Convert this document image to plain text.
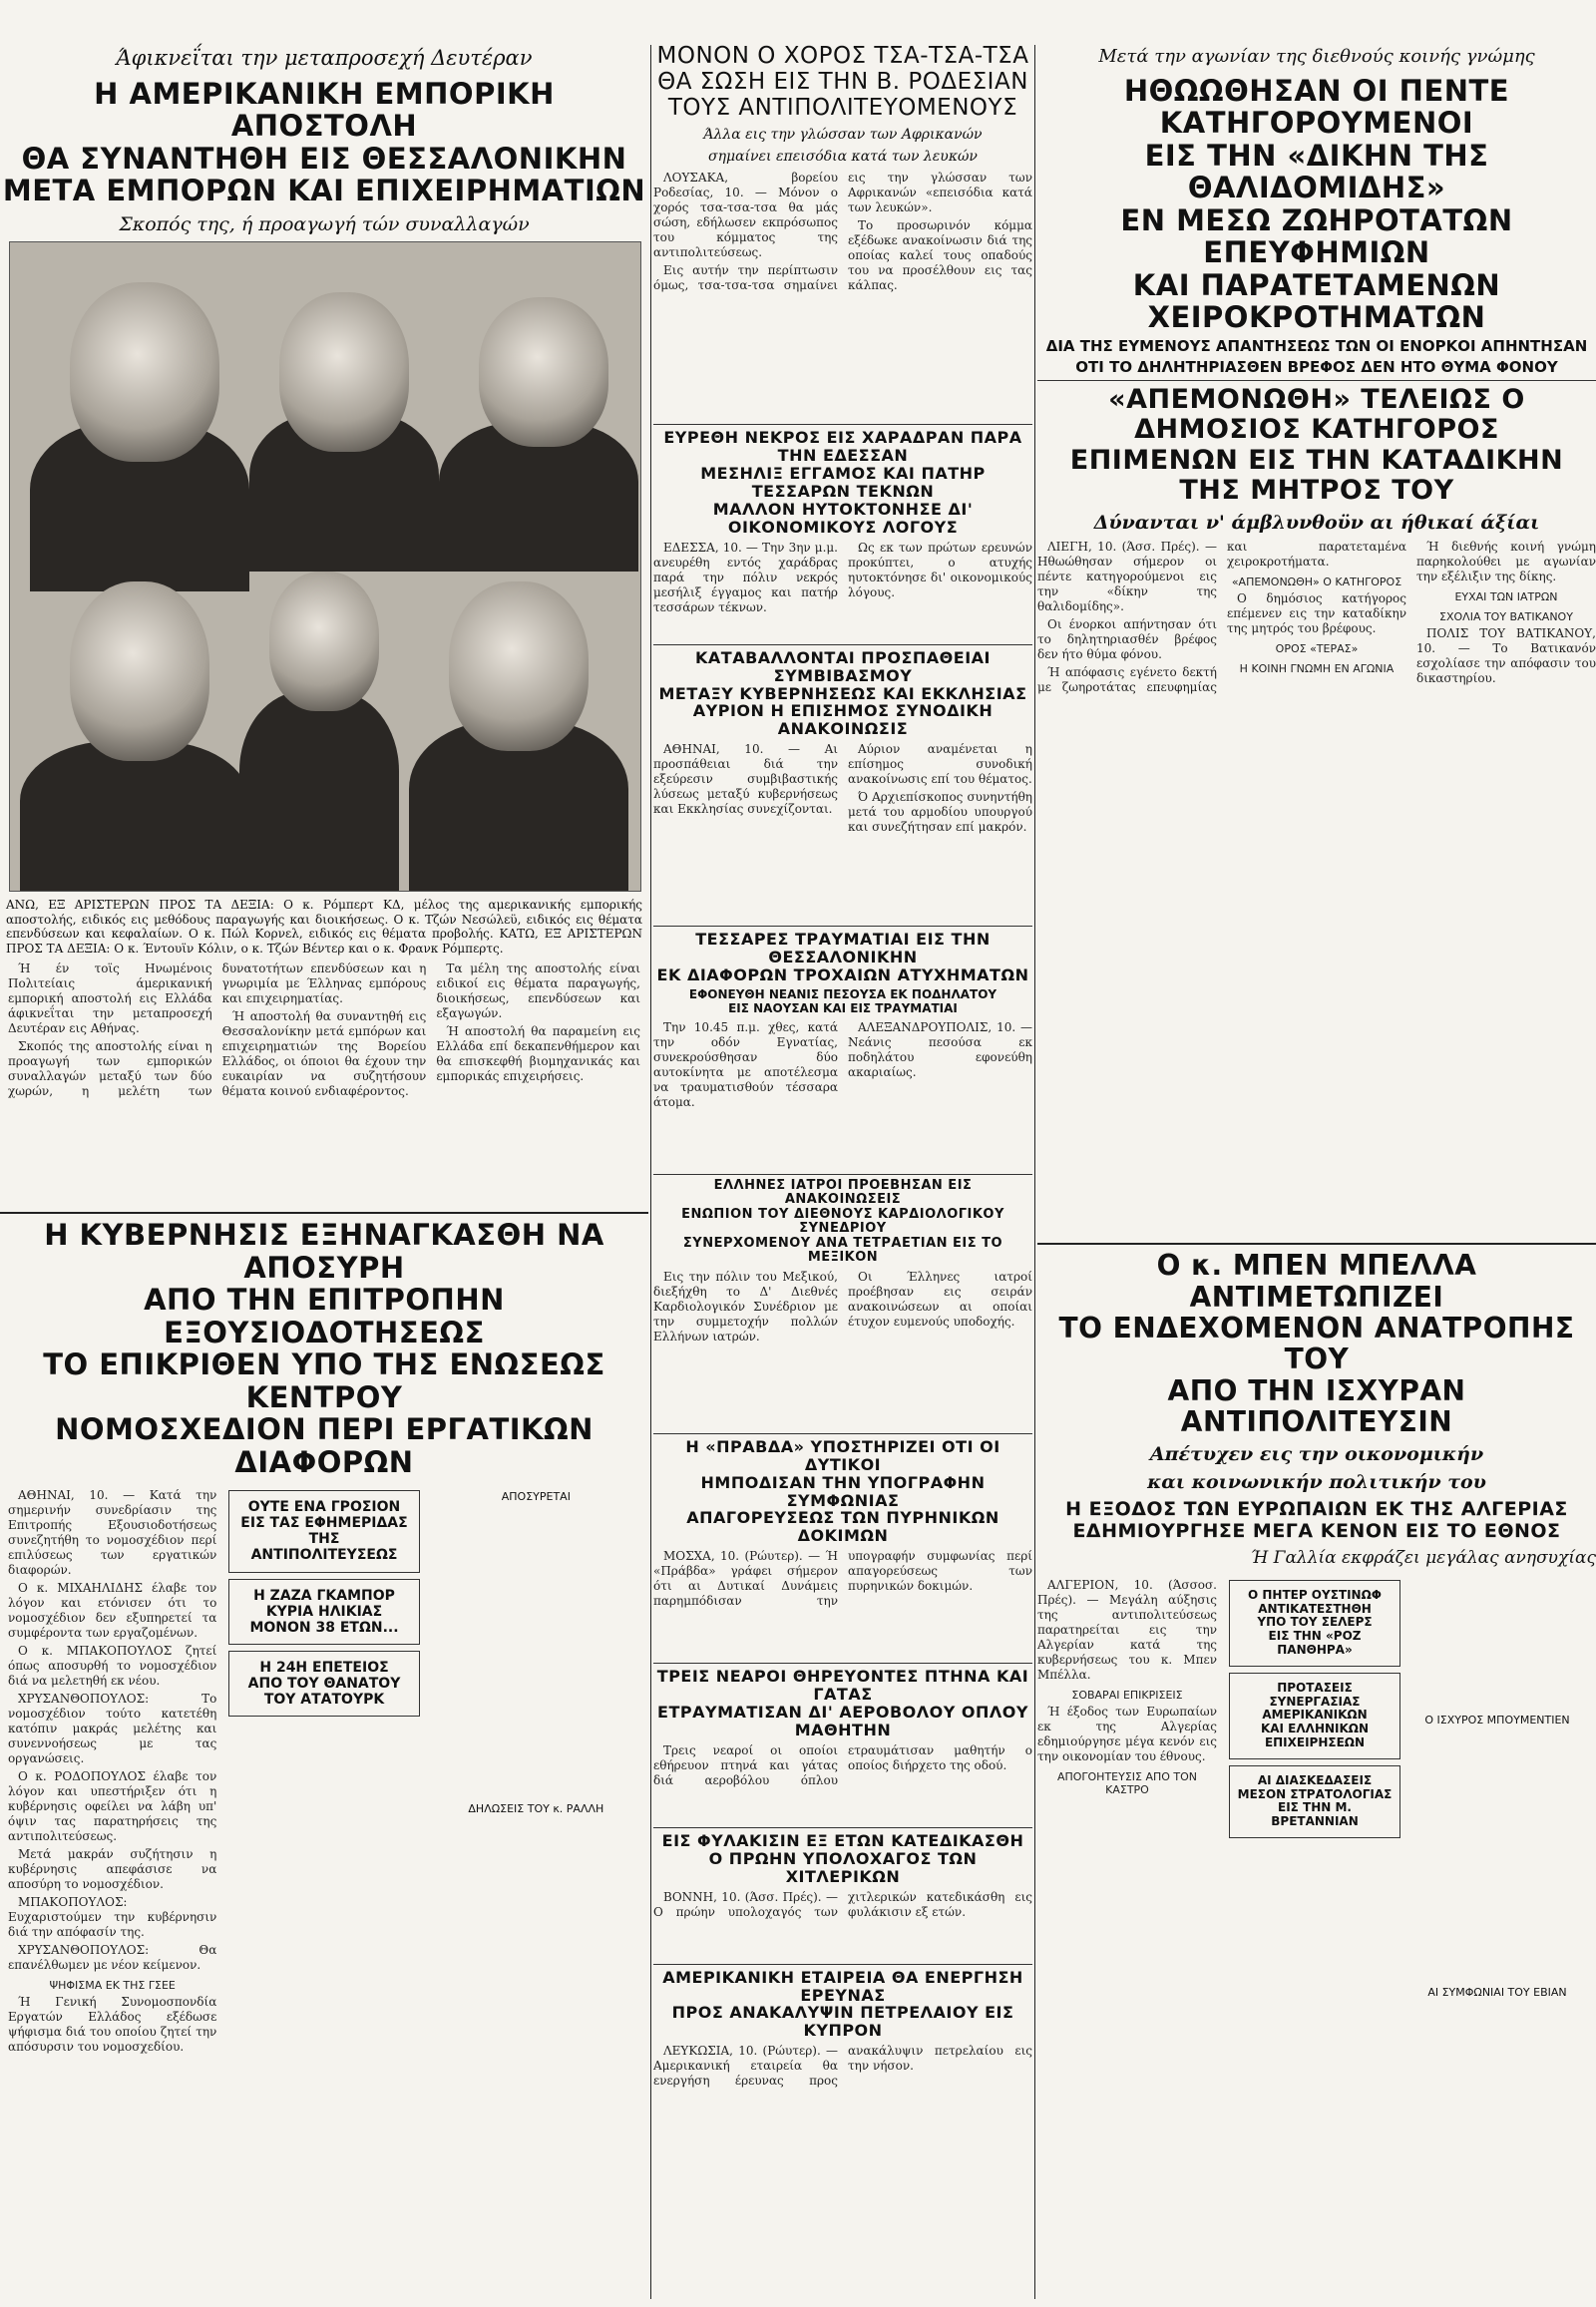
Άφικνεΐται την μεταπροσεχή Δευτέραν
Η ΑΜΕΡΙΚΑΝΙΚΗ ΕΜΠΟΡΙΚΗ ΑΠΟΣΤΟΛΗ
ΘΑ ΣΥΝΑΝΤΗΘΗ ΕΙΣ ΘΕΣΣΑΛΟΝΙΚΗΝ
ΜΕΤΑ ΕΜΠΟΡΩΝ ΚΑΙ ΕΠΙΧΕΙΡΗΜΑΤΙΩΝ
Σκοπός της, ή προαγωγή τών συναλλαγών
ΑΝΩ, ΕΞ ΑΡΙΣΤΕΡΩΝ ΠΡΟΣ ΤΑ ΔΕΞΙΑ: Ο κ. Ρόμπερτ ΚΔ, μέλος της αμερικανικής εμπορικής αποστολής, ειδικός εις μεθόδους παραγωγής και διοικήσεως. Ο κ. Τζών Νεσώλεϋ, ειδικός εις θέματα επενδύσεων και κεφαλαίων. Ο κ. Πώλ Κορνελ, ειδικός εις θέματα προβολής. ΚΑΤΩ, ΕΞ ΑΡΙΣΤΕΡΩΝ ΠΡΟΣ ΤΑ ΔΕΞΙΑ: Ο κ. Έντουϊν Κόλιν, ο κ. Τζών Βέντερ και ο κ. Φρανκ Ρόμπερτς.

Ή έν τοϊς Ηνωμένοις Πολιτείαις άμερικανική εμπορική αποστολή εις Ελλάδα άφικνεΐται την μεταπροσεχή Δευτέραν εις Αθήνας.

Σκοπός της αποστολής είναι η προαγωγή των εμπορικών συναλλαγών μεταξύ των δύο χωρών, η μελέτη των δυνατοτήτων επενδύσεων και η γνωριμία με Έλληνας εμπόρους και επιχειρηματίας.

Ή αποστολή θα συναντηθή εις Θεσσαλονίκην μετά εμπόρων και επιχειρηματιών της Βορείου Ελλάδος, οι όποιοι θα έχουν την ευκαιρίαν να συζητήσουν θέματα κοινού ενδιαφέροντος.

Τα μέλη της αποστολής είναι ειδικοί εις θέματα παραγωγής, διοικήσεως, επενδύσεων και εξαγωγών.

Ή αποστολή θα παραμείνη εις Ελλάδα επί δεκαπενθήμερον και θα επισκεφθή βιομηχανικάς και εμπορικάς επιχειρήσεις.

Η ΚΥΒΕΡΝΗΣΙΣ ΕΞΗΝΑΓΚΑΣΘΗ ΝΑ ΑΠΟΣΥΡΗ
ΑΠΟ ΤΗΝ ΕΠΙΤΡΟΠΗΝ ΕΞΟΥΣΙΟΔΟΤΗΣΕΩΣ
ΤΟ ΕΠΙΚΡΙΘΕΝ ΥΠΟ ΤΗΣ ΕΝΩΣΕΩΣ ΚΕΝΤΡΟΥ
ΝΟΜΟΣΧΕΔΙΟΝ ΠΕΡΙ ΕΡΓΑΤΙΚΩΝ ΔΙΑΦΟΡΩΝ

ΑΘΗΝΑΙ, 10. — Κατά την σημερινήν συνεδρίασιν της Επιτροπής Εξουσιοδοτήσεως συνεζητήθη το νομοσχέδιον περί επιλύσεως των εργατικών διαφορών.

Ο κ. ΜΙΧΑΗΛΙΔΗΣ έλαβε τον λόγον και ετόνισεν ότι το νομοσχέδιον δεν εξυπηρετεί τα συμφέροντα των εργαζομένων.

Ο κ. ΜΠΑΚΟΠΟΥΛΟΣ ζητεί όπως αποσυρθή το νομοσχέδιον διά να μελετηθή εκ νέου.

ΧΡΥΣΑΝΘΟΠΟΥΛΟΣ: Το νομοσχέδιον τούτο κατετέθη κατόπιν μακράς μελέτης και συνεννοήσεως με τας οργανώσεις.

Ο κ. ΡΟΔΟΠΟΥΛΟΣ έλαβε τον λόγον και υπεστήριξεν ότι η κυβέρνησις οφείλει να λάβη υπ' όψιν τας παρατηρήσεις της αντιπολιτεύσεως.

Μετά μακράν συζήτησιν η κυβέρνησις απεφάσισε να αποσύρη το νομοσχέδιον.

ΜΠΑΚΟΠΟΥΛΟΣ: Ευχαριστούμεν την κυβέρνησιν διά την απόφασίν της.

ΧΡΥΣΑΝΘΟΠΟΥΛΟΣ: Θα επανέλθωμεν με νέον κείμενον.

ΨΗΦΙΣΜΑ ΕΚ ΤΗΣ ΓΣΕΕ

Ή Γενική Συνομοσπονδία Εργατών Ελλάδος εξέδωσε ψήφισμα διά του οποίου ζητεί την απόσυρσιν του νομοσχεδίου.

ΟΥΤΕ ΕΝΑ ΓΡΟΣΙΟΝ
ΕΙΣ ΤΑΣ ΕΦΗΜΕΡΙΔΑΣ
ΤΗΣ ΑΝΤΙΠΟΛΙΤΕΥΣΕΩΣ
Η ΖΑΖΑ ΓΚΑΜΠΟΡ
ΚΥΡΙΑ ΗΛΙΚΙΑΣ
ΜΟΝΟΝ 38 ΕΤΩΝ...
Η 24Η ΕΠΕΤΕΙΟΣ
ΑΠΟ ΤΟΥ ΘΑΝΑΤΟΥ
ΤΟΥ ΑΤΑΤΟΥΡΚ
ΑΠΟΣΥΡΕΤΑΙ
ΔΗΛΩΣΕΙΣ ΤΟΥ κ. ΡΑΛΛΗ
ΜΟΝΟΝ Ο ΧΟΡΟΣ ΤΣΑ-ΤΣΑ-ΤΣΑ
ΘΑ ΣΩΣΗ ΕΙΣ ΤΗΝ Β. ΡΟΔΕΣΙΑΝ
ΤΟΥΣ ΑΝΤΙΠΟΛΙΤΕΥΟΜΕΝΟΥΣ
Άλλα εις την γλώσσαν των Αφρικανών
σημαίνει επεισόδια κατά των λευκών

ΛΟΥΣΑΚΑ, βορείου Ροδεσίας, 10. — Μόνον ο χορός τσα-τσα-τσα θα μάς σώση, εδήλωσεν εκπρόσωπος του κόμματος της αντιπολιτεύσεως.

Εις αυτήν την περίπτωσιν όμως, τσα-τσα-τσα σημαίνει εις την γλώσσαν των Αφρικανών «επεισόδια κατά των λευκών».

Το προσωρινόν κόμμα εξέδωκε ανακοίνωσιν διά της οποίας καλεί τους οπαδούς του να προσέλθουν εις τας κάλπας.

ΕΥΡΕΘΗ ΝΕΚΡΟΣ ΕΙΣ ΧΑΡΑΔΡΑΝ ΠΑΡΑ ΤΗΝ ΕΔΕΣΣΑΝ
ΜΕΣΗΛΙΞ ΕΓΓΑΜΟΣ ΚΑΙ ΠΑΤΗΡ ΤΕΣΣΑΡΩΝ ΤΕΚΝΩΝ
ΜΑΛΛΟΝ ΗΥΤΟΚΤΟΝΗΣΕ ΔΙ' ΟΙΚΟΝΟΜΙΚΟΥΣ ΛΟΓΟΥΣ

ΕΔΕΣΣΑ, 10. — Την 3ην μ.μ. ανευρέθη εντός χαράδρας παρά την πόλιν νεκρός μεσήλιξ έγγαμος και πατήρ τεσσάρων τέκνων.

Ως εκ των πρώτων ερευνών προκύπτει, ο ατυχής ηυτοκτόνησε δι' οικονομικούς λόγους.

ΚΑΤΑΒΑΛΛΟΝΤΑΙ ΠΡΟΣΠΑΘΕΙΑΙ ΣΥΜΒΙΒΑΣΜΟΥ
ΜΕΤΑΞΥ ΚΥΒΕΡΝΗΣΕΩΣ ΚΑΙ ΕΚΚΛΗΣΙΑΣ
ΑΥΡΙΟΝ Η ΕΠΙΣΗΜΟΣ ΣΥΝΟΔΙΚΗ ΑΝΑΚΟΙΝΩΣΙΣ

ΑΘΗΝΑΙ, 10. — Αι προσπάθειαι διά την εξεύρεσιν συμβιβαστικής λύσεως μεταξύ κυβερνήσεως και Εκκλησίας συνεχίζονται.

Αύριον αναμένεται η επίσημος συνοδική ανακοίνωσις επί του θέματος.

Ό Αρχιεπίσκοπος συνηντήθη μετά του αρμοδίου υπουργού και συνεζήτησαν επί μακρόν.

ΤΕΣΣΑΡΕΣ ΤΡΑΥΜΑΤΙΑΙ ΕΙΣ ΤΗΝ ΘΕΣΣΑΛΟΝΙΚΗΝ
ΕΚ ΔΙΑΦΟΡΩΝ ΤΡΟΧΑΙΩΝ ΑΤΥΧΗΜΑΤΩΝ
ΕΦΟΝΕΥΘΗ ΝΕΑΝΙΣ ΠΕΣΟΥΣΑ ΕΚ ΠΟΔΗΛΑΤΟΥ
ΕΙΣ ΝΑΟΥΣΑΝ ΚΑΙ ΕΙΣ ΤΡΑΥΜΑΤΙΑΙ

Την 10.45 π.μ. χθες, κατά την οδόν Εγνατίας, συνεκρούσθησαν δύο αυτοκίνητα με αποτέλεσμα να τραυματισθούν τέσσαρα άτομα.

ΑΛΕΞΑΝΔΡΟΥΠΟΛΙΣ, 10. — Νεάνις πεσούσα εκ ποδηλάτου εφονεύθη ακαριαίως.

ΕΛΛΗΝΕΣ ΙΑΤΡΟΙ ΠΡΟΕΒΗΣΑΝ ΕΙΣ ΑΝΑΚΟΙΝΩΣΕΙΣ
ΕΝΩΠΙΟΝ ΤΟΥ ΔΙΕΘΝΟΥΣ ΚΑΡΔΙΟΛΟΓΙΚΟΥ ΣΥΝΕΔΡΙΟΥ
ΣΥΝΕΡΧΟΜΕΝΟΥ ΑΝΑ ΤΕΤΡΑΕΤΙΑΝ ΕΙΣ ΤΟ ΜΕΞΙΚΟΝ

Εις την πόλιν του Μεξικού, διεξήχθη το Δ' Διεθνές Καρδιολογικόν Συνέδριον με την συμμετοχήν πολλών Ελλήνων ιατρών.

Οι Έλληνες ιατροί προέβησαν εις σειράν ανακοινώσεων αι οποίαι έτυχον ευμενούς υποδοχής.

Η «ΠΡΑΒΔΑ» ΥΠΟΣΤΗΡΙΖΕΙ ΟΤΙ ΟΙ ΔΥΤΙΚΟΙ
ΗΜΠΟΔΙΣΑΝ ΤΗΝ ΥΠΟΓΡΑΦΗΝ ΣΥΜΦΩΝΙΑΣ
ΑΠΑΓΟΡΕΥΣΕΩΣ ΤΩΝ ΠΥΡΗΝΙΚΩΝ ΔΟΚΙΜΩΝ

ΜΟΣΧΑ, 10. (Ρώυτερ). — Ή «Πράβδα» γράφει σήμερον ότι αι Δυτικαί Δυνάμεις παρημπόδισαν την υπογραφήν συμφωνίας περί απαγορεύσεως των πυρηνικών δοκιμών.

ΤΡΕΙΣ ΝΕΑΡΟΙ ΘΗΡΕΥΟΝΤΕΣ ΠΤΗΝΑ ΚΑΙ ΓΑΤΑΣ
ΕΤΡΑΥΜΑΤΙΣΑΝ ΔΙ' ΑΕΡΟΒΟΛΟΥ ΟΠΛΟΥ ΜΑΘΗΤΗΝ

Τρεις νεαροί οι οποίοι εθήρευον πτηνά και γάτας διά αεροβόλου όπλου ετραυμάτισαν μαθητήν ο οποίος διήρχετο της οδού.

ΕΙΣ ΦΥΛΑΚΙΣΙΝ ΕΞ ΕΤΩΝ ΚΑΤΕΔΙΚΑΣΘΗ
Ο ΠΡΩΗΝ ΥΠΟΛΟΧΑΓΟΣ ΤΩΝ ΧΙΤΛΕΡΙΚΩΝ

ΒΟΝΝΗ, 10. (Άσσ. Πρές). — Ο πρώην υπολοχαγός των χιτλερικών κατεδικάσθη εις φυλάκισιν εξ ετών.

ΑΜΕΡΙΚΑΝΙΚΗ ΕΤΑΙΡΕΙΑ ΘΑ ΕΝΕΡΓΗΣΗ ΕΡΕΥΝΑΣ
ΠΡΟΣ ΑΝΑΚΑΛΥΨΙΝ ΠΕΤΡΕΛΑΙΟΥ ΕΙΣ ΚΥΠΡΟΝ

ΛΕΥΚΩΣΙΑ, 10. (Ρώυτερ). — Αμερικανική εταιρεία θα ενεργήση έρευνας προς ανακάλυψιν πετρελαίου εις την νήσον.

Μετά την αγωνίαν της διεθνούς κοινής γνώμης
ΗΘΩΩΘΗΣΑΝ ΟΙ ΠΕΝΤΕ ΚΑΤΗΓΟΡΟΥΜΕΝΟΙ
ΕΙΣ ΤΗΝ «ΔΙΚΗΝ ΤΗΣ ΘΑΛΙΔΟΜΙΔΗΣ»
ΕΝ ΜΕΣΩ ΖΩΗΡΟΤΑΤΩΝ ΕΠΕΥΦΗΜΙΩΝ
ΚΑΙ ΠΑΡΑΤΕΤΑΜΕΝΩΝ ΧΕΙΡΟΚΡΟΤΗΜΑΤΩΝ
ΔΙΑ ΤΗΣ ΕΥΜΕΝΟΥΣ ΑΠΑΝΤΗΣΕΩΣ ΤΩΝ ΟΙ ΕΝΟΡΚΟΙ ΑΠΗΝΤΗΣΑΝ
ΟΤΙ ΤΟ ΔΗΛΗΤΗΡΙΑΣΘΕΝ ΒΡΕΦΟΣ ΔΕΝ ΗΤΟ ΘΥΜΑ ΦΟΝΟΥ
«ΑΠΕΜΟΝΩΘΗ» ΤΕΛΕΙΩΣ Ο ΔΗΜΟΣΙΟΣ ΚΑΤΗΓΟΡΟΣ
ΕΠΙΜΕΝΩΝ ΕΙΣ ΤΗΝ ΚΑΤΑΔΙΚΗΝ ΤΗΣ ΜΗΤΡΟΣ ΤΟΥ
Δύνανται ν' άμβλυνθοϋν αι ήθικαί άξίαι

ΛΙΕΓΗ, 10. (Άσσ. Πρές). — Ηθωώθησαν σήμερον οι πέντε κατηγορούμενοι εις την «δίκην της θαλιδομίδης».

Οι ένορκοι απήντησαν ότι το δηλητηριασθέν βρέφος δεν ήτο θύμα φόνου.

Ή απόφασις εγένετο δεκτή με ζωηροτάτας επευφημίας και παρατεταμένα χειροκροτήματα.

«ΑΠΕΜΟΝΩΘΗ» Ο ΚΑΤΗΓΟΡΟΣ

Ο δημόσιος κατήγορος επέμενεν εις την καταδίκην της μητρός του βρέφους.

ΟΡΟΣ «ΤΕΡΑΣ»
Η ΚΟΙΝΗ ΓΝΩΜΗ ΕΝ ΑΓΩΝΙΑ

Ή διεθνής κοινή γνώμη παρηκολούθει με αγωνίαν την εξέλιξιν της δίκης.

ΕΥΧΑΙ ΤΩΝ ΙΑΤΡΩΝ
ΣΧΟΛΙΑ ΤΟΥ ΒΑΤΙΚΑΝΟΥ

ΠΟΛΙΣ ΤΟΥ ΒΑΤΙΚΑΝΟΥ, 10. — Το Βατικανόν εσχολίασε την απόφασιν του δικαστηρίου.

Ο κ. ΜΠΕΝ ΜΠΕΛΛΑ ΑΝΤΙΜΕΤΩΠΙΖΕΙ
ΤΟ ΕΝΔΕΧΟΜΕΝΟΝ ΑΝΑΤΡΟΠΗΣ ΤΟΥ
ΑΠΟ ΤΗΝ ΙΣΧΥΡΑΝ ΑΝΤΙΠΟΛΙΤΕΥΣΙΝ
Απέτυχεν εις την οικονομικήν
και κοινωνικήν πολιτικήν του
Η ΕΞΟΔΟΣ ΤΩΝ ΕΥΡΩΠΑΙΩΝ ΕΚ ΤΗΣ ΑΛΓΕΡΙΑΣ
ΕΔΗΜΙΟΥΡΓΗΣΕ ΜΕΓΑ ΚΕΝΟΝ ΕΙΣ ΤΟ ΕΘΝΟΣ
Ή Γαλλία εκφράζει μεγάλας ανησυχίας

ΑΛΓΕΡΙΟΝ, 10. (Άσσοσ. Πρές). — Μεγάλη αύξησις της αντιπολιτεύσεως παρατηρείται εις την Αλγερίαν κατά της κυβερνήσεως του κ. Μπεν Μπέλλα.

ΣΟΒΑΡΑΙ ΕΠΙΚΡΙΣΕΙΣ

Ή έξοδος των Ευρωπαίων εκ της Αλγερίας εδημιούργησε μέγα κενόν εις την οικονομίαν του έθνους.

ΑΠΟΓΟΗΤΕΥΣΙΣ ΑΠΟ ΤΟΝ ΚΑΣΤΡΟ
Ο ΠΗΤΕΡ ΟΥΣΤΙΝΩΦ
ΑΝΤΙΚΑΤΕΣΤΗΘΗ
ΥΠΟ ΤΟΥ ΣΕΛΕΡΣ
ΕΙΣ ΤΗΝ «ΡΟΖ ΠΑΝΘΗΡΑ»
ΠΡΟΤΑΣΕΙΣ ΣΥΝΕΡΓΑΣΙΑΣ
ΑΜΕΡΙΚΑΝΙΚΩΝ
ΚΑΙ ΕΛΛΗΝΙΚΩΝ
ΕΠΙΧΕΙΡΗΣΕΩΝ
ΑΙ ΔΙΑΣΚΕΔΑΣΕΙΣ
ΜΕΣΟΝ ΣΤΡΑΤΟΛΟΓΙΑΣ
ΕΙΣ ΤΗΝ Μ. ΒΡΕΤΑΝΝΙΑΝ
Ο ΙΣΧΥΡΟΣ ΜΠΟΥΜΕΝΤΙΕΝ
ΑΙ ΣΥΜΦΩΝΙΑΙ ΤΟΥ ΕΒΙΑΝ
